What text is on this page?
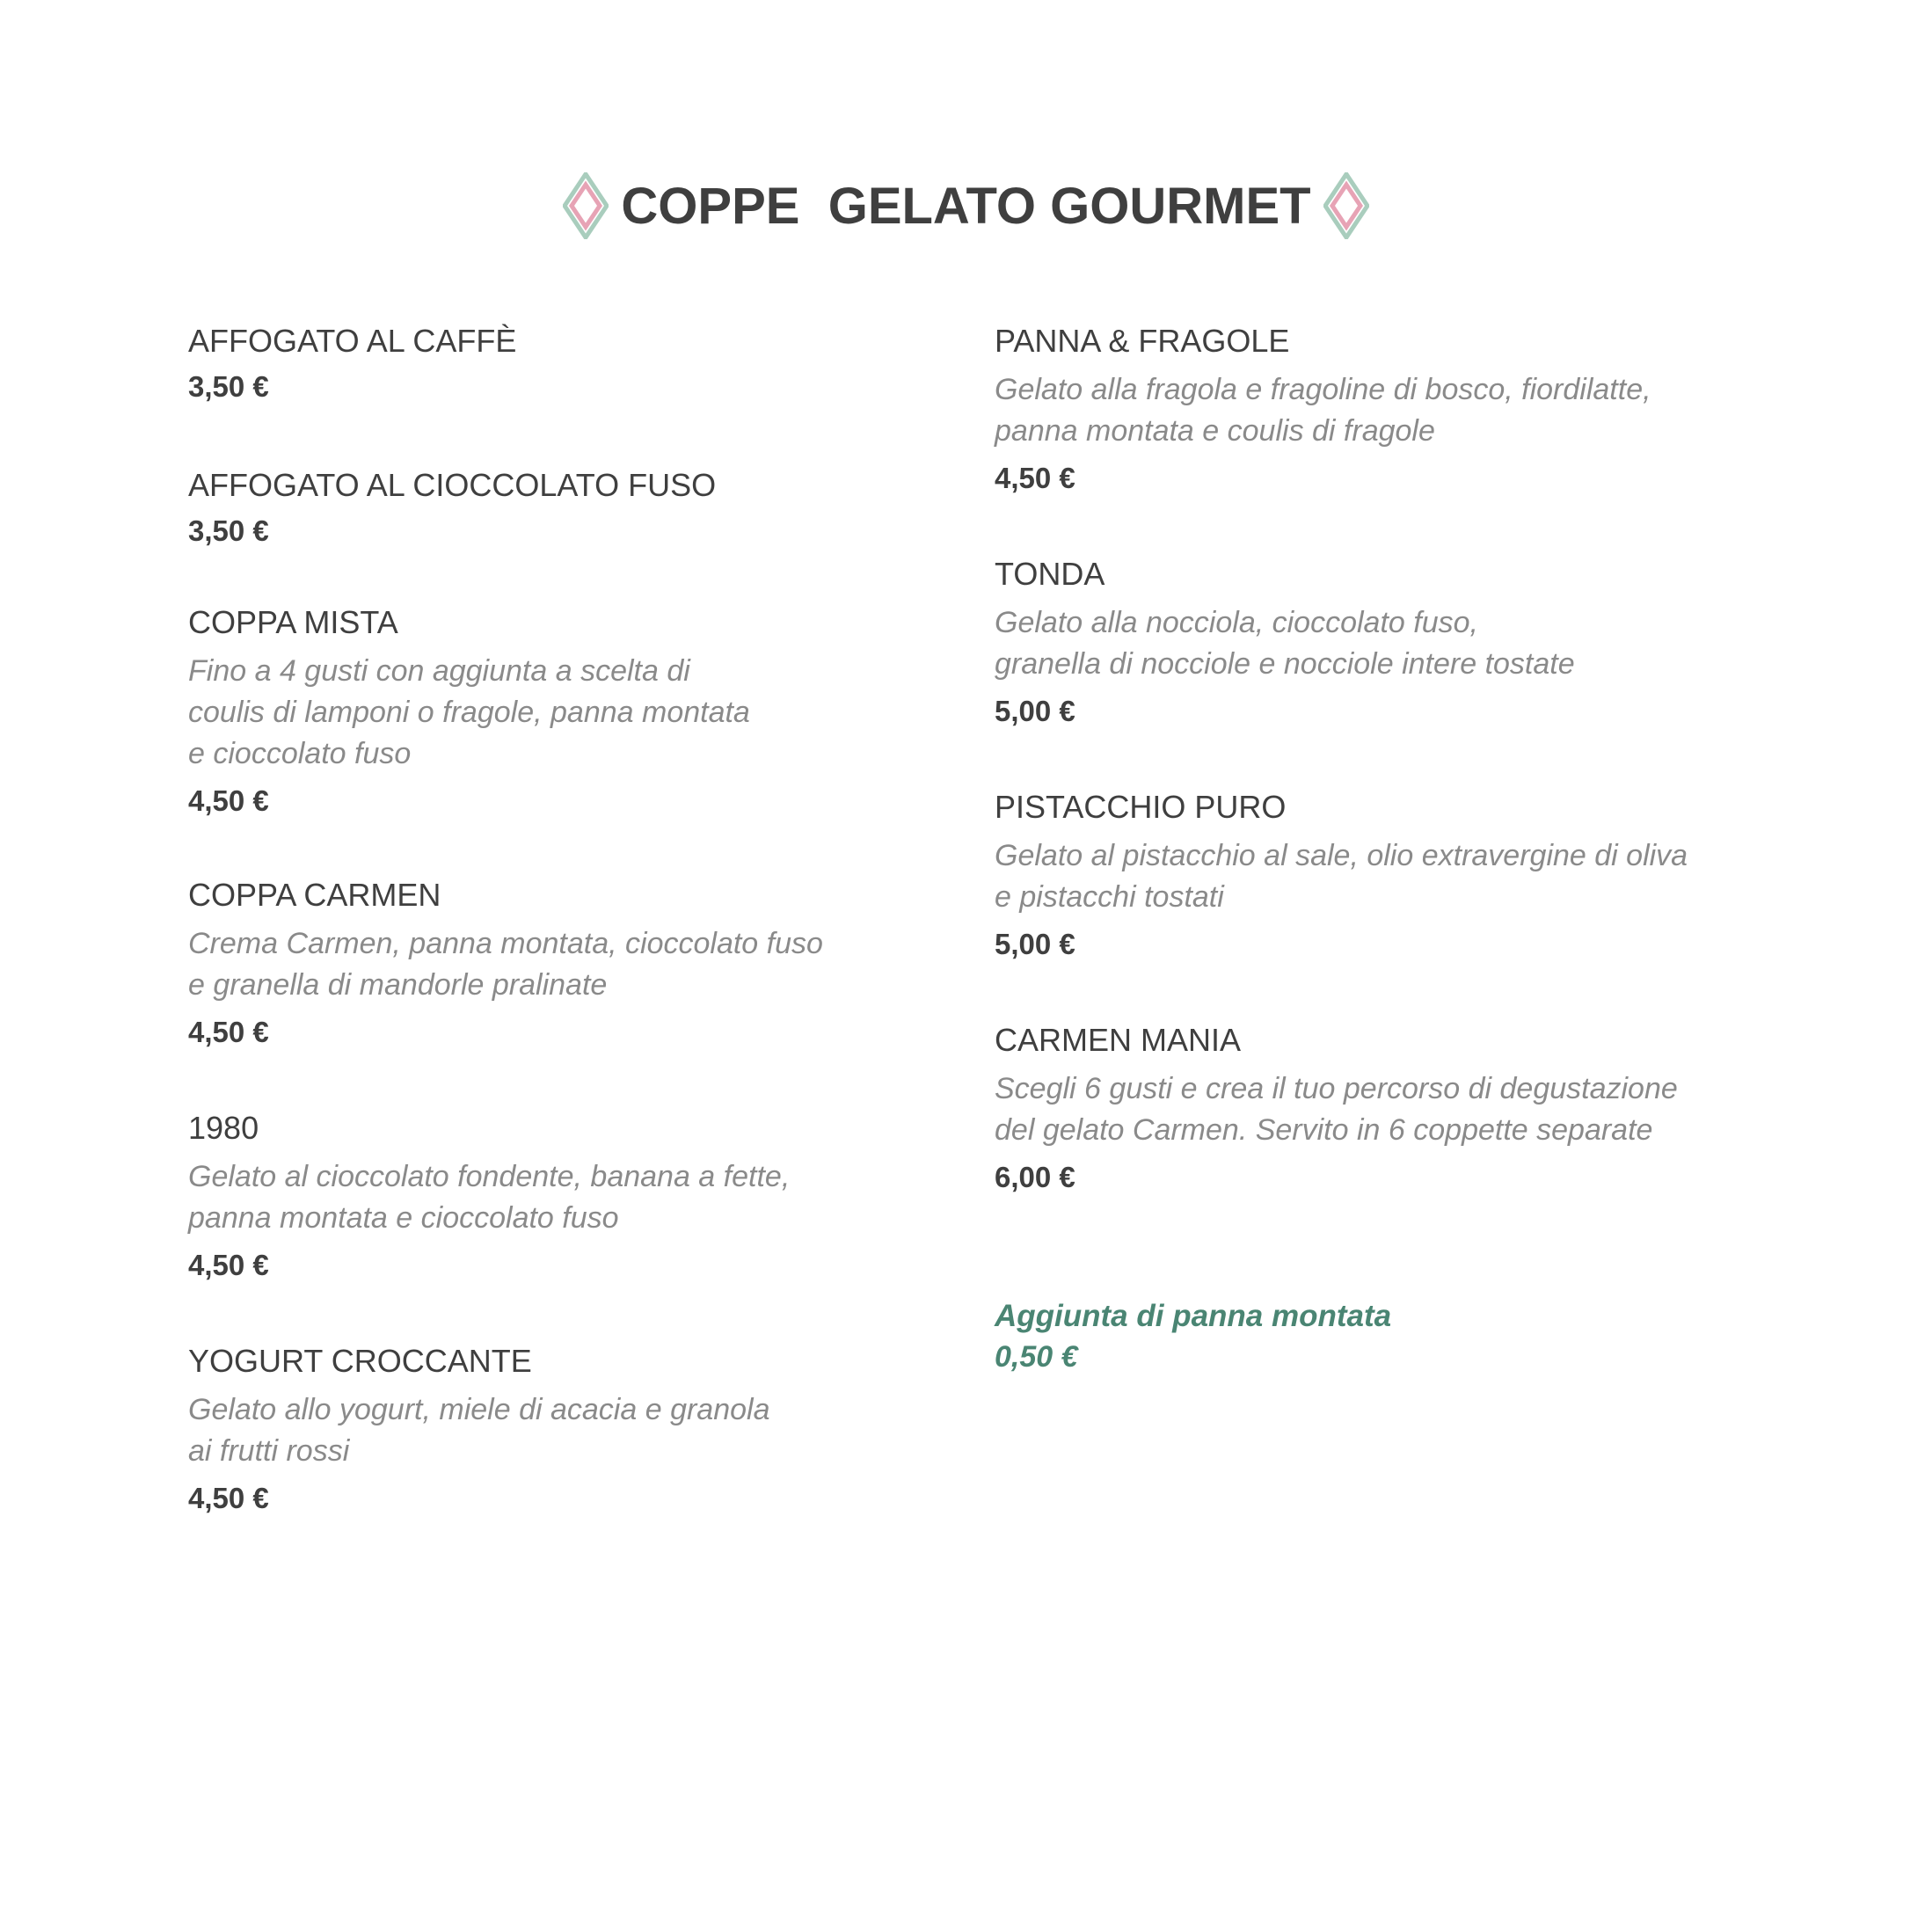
COPPE  GELATO GOURMET
AFFOGATO AL CAFFÈ
3,50 €
AFFOGATO AL CIOCCOLATO FUSO
3,50 €
COPPA MISTA
Fino a 4 gusti con aggiunta a scelta di
coulis di lamponi o fragole, panna montata
e cioccolato fuso
4,50 €
COPPA CARMEN
Crema Carmen, panna montata, cioccolato fuso
e granella di mandorle pralinate
4,50 €
1980
Gelato al cioccolato fondente, banana a fette,
panna montata e cioccolato fuso
4,50 €
YOGURT CROCCANTE
Gelato allo yogurt, miele di acacia e granola
ai frutti rossi
4,50 €
PANNA & FRAGOLE
Gelato alla fragola e fragoline di bosco, fiordilatte,
panna montata e coulis di fragole
4,50 €
TONDA
Gelato alla nocciola, cioccolato fuso,
granella di nocciole e nocciole intere tostate
5,00 €
PISTACCHIO PURO
Gelato al pistacchio al sale, olio extravergine di oliva
e pistacchi tostati
5,00 €
CARMEN MANIA
Scegli 6 gusti e crea il tuo percorso di degustazione
del gelato Carmen. Servito in 6 coppette separate
6,00 €
Aggiunta di panna montata
0,50 €
